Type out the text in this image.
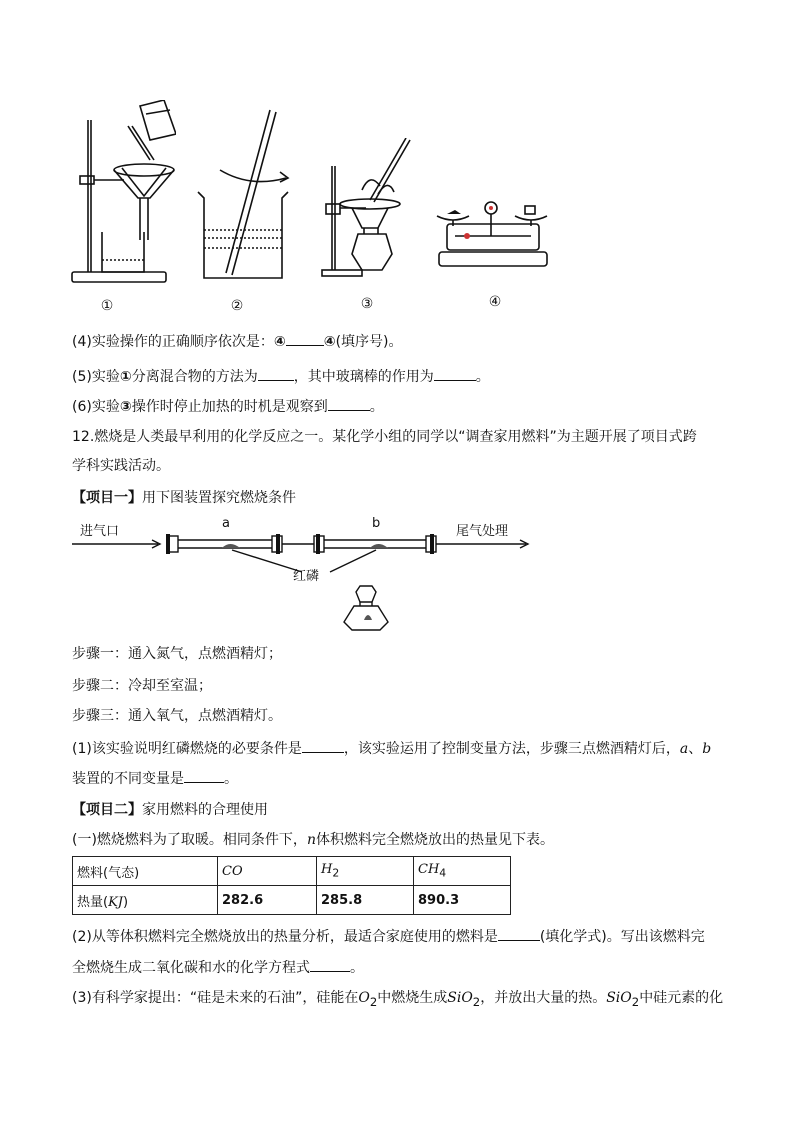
①	②	③	④
(4)实验操作的正确顺序依次是：④	④(填序号)。
(5)实验①分离混合物的方法为	，其中玻璃棒的作用为	。
(6)实验③操作时停止加热的时机是观察到	。
12.燃烧是人类最早利用的化学反应之一。某化学小组的同学以“调查家用燃料”为主题开展了项目式跨
学科实践活动。
【项目一】用下图装置探究燃烧条件
进气口	尾气处理
a	b
红磷
步骤一：通入氮气，点燃酒精灯；
步骤二：冷却至室温；
步骤三：通入氧气，点燃酒精灯。
(1)该实验说明红磷燃烧的必要条件是	，该实验运用了控制变量方法，步骤三点燃酒精灯后，a、b
装置的不同变量是	。
【项目二】家用燃料的合理使用
(一)燃烧燃料为了取暖。相同条件下，n体积燃料完全燃烧放出的热量见下表。
燃料(气态)	CO	$H_2$	$CH_4$
热量(KJ)	282.6	285.8	890.3
(2)从等体积燃料完全燃烧放出的热量分析，最适合家庭使用的燃料是	(填化学式)。写出该燃料完
全燃烧生成二氧化碳和水的化学方程式	。
(3)有科学家提出：“硅是未来的石油”，硅能在$O_2$中燃烧生成SiO$_2$，并放出大量的热。SiO$_2$中硅元素的化
